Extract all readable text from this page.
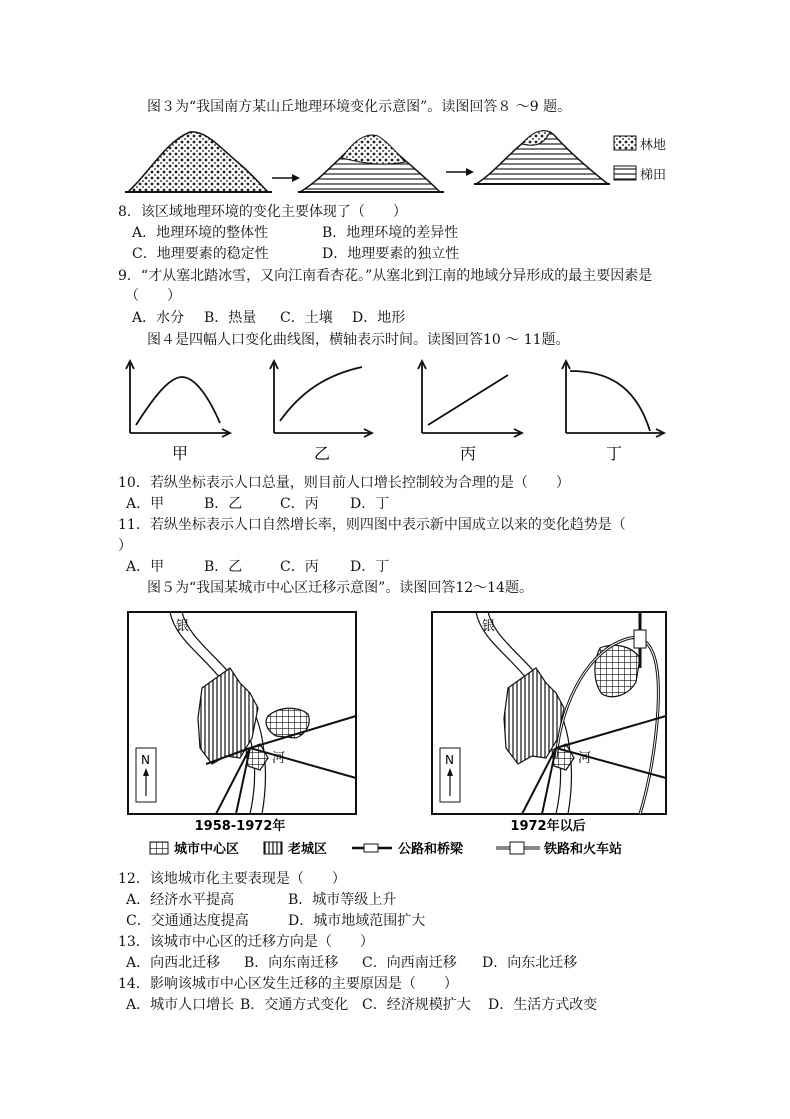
图３为“我国南方某山丘地理环境变化示意图”。读图回答８ ～9 题。
林地
梯田
8．该区域地理环境的变化主要体现了（　　）
A．地理环境的整体性	B．地理环境的差异性
C．地理要素的稳定性	D．地理要素的独立性
9．“才从塞北踏冰雪，又向江南看杏花。”从塞北到江南的地域分异形成的最主要因素是
（　　）
A．水分 B．热量 C．土壤 D．地形
图４是四幅人口变化曲线图，横轴表示时间。读图回答10 ～ 11题。
甲	乙	丙	丁
10．若纵坐标表示人口总量，则目前人口增长控制较为合理的是（　　）
A．甲	B．乙	C．丙 D．丁
11．若纵坐标表示人口自然增长率，则四图中表示新中国成立以来的变化趋势是（
）
A．甲	B．乙	C．丙 D．丁
图５为“我国某城市中心区迁移示意图”。读图回答12～14题。
银
河
N
银
河
N
1958-1972年	1972年以后
城市中心区	老城区	公路和桥梁	铁路和火车站
12．该地城市化主要表现是（　　）
A．经济水平提高	B．城市等级上升
C．交通通达度提高	D．城市地域范围扩大
13．该城市中心区的迁移方向是（　　）
A．向西北迁移 B．向东南迁移 C．向西南迁移 D．向东北迁移
14．影响该城市中心区发生迁移的主要原因是（　　）
A．城市人口增长 B．交通方式变化 C．经济规模扩大 D．生活方式改变
